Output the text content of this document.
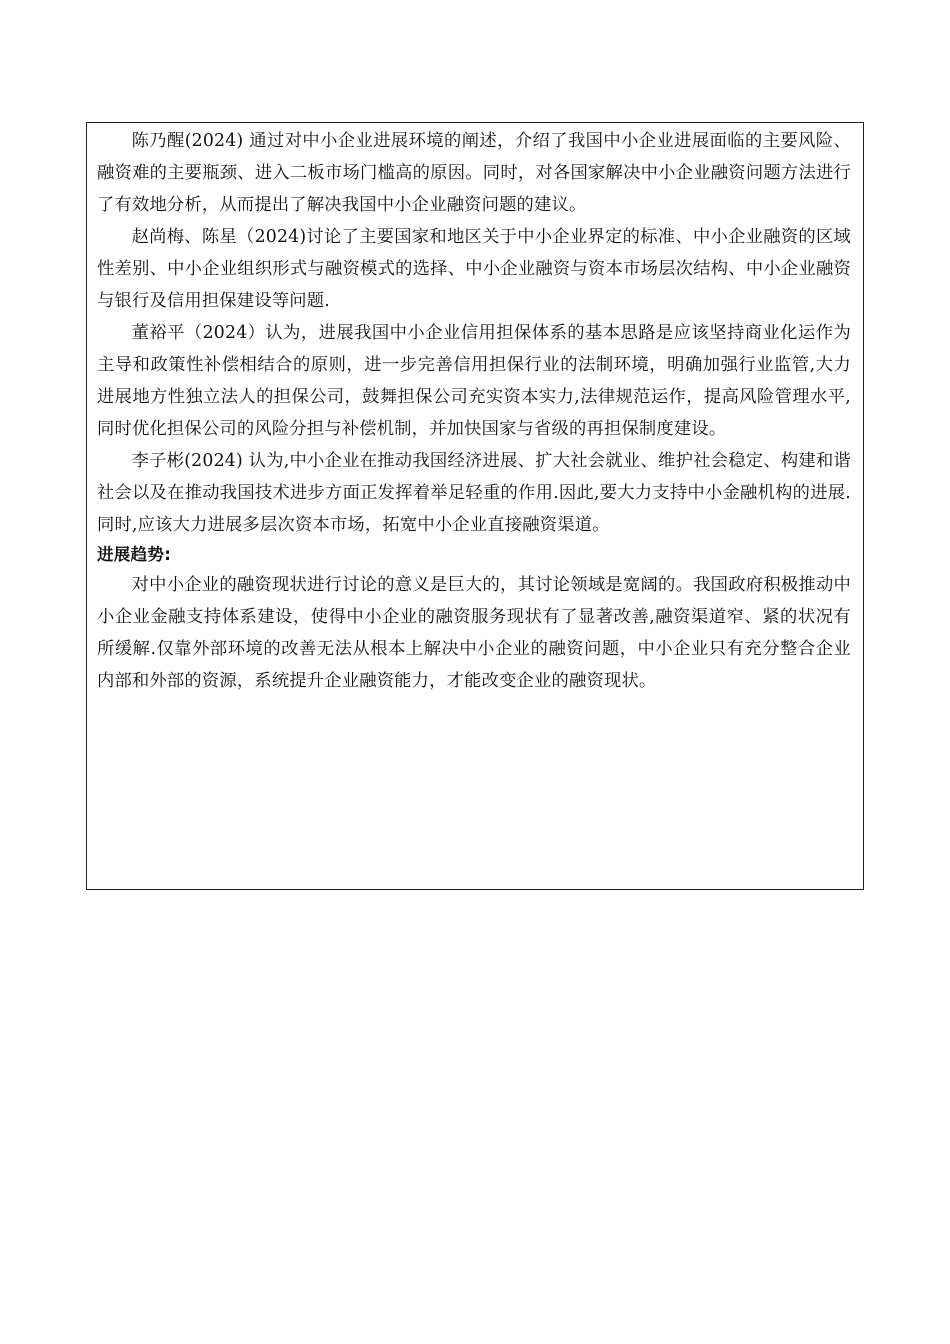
陈乃醒(2024) 通过对中小企业进展环境的阐述，介绍了我国中小企业进展面临的主要风险、融资难的主要瓶颈、进入二板市场门槛高的原因。同时，对各国家解决中小企业融资问题方法进行了有效地分析，从而提出了解决我国中小企业融资问题的建议。

赵尚梅、陈星（2024)讨论了主要国家和地区关于中小企业界定的标准、中小企业融资的区域性差别、中小企业组织形式与融资模式的选择、中小企业融资与资本市场层次结构、中小企业融资与银行及信用担保建设等问题.

董裕平（2024）认为，进展我国中小企业信用担保体系的基本思路是应该坚持商业化运作为主导和政策性补偿相结合的原则，进一步完善信用担保行业的法制环境，明确加强行业监管,大力进展地方性独立法人的担保公司，鼓舞担保公司充实资本实力,法律规范运作，提高风险管理水平,同时优化担保公司的风险分担与补偿机制，并加快国家与省级的再担保制度建设。

李子彬(2024) 认为,中小企业在推动我国经济进展、扩大社会就业、维护社会稳定、构建和谐社会以及在推动我国技术进步方面正发挥着举足轻重的作用.因此,要大力支持中小金融机构的进展.同时,应该大力进展多层次资本市场，拓宽中小企业直接融资渠道。

进展趋势:

对中小企业的融资现状进行讨论的意义是巨大的，其讨论领域是宽阔的。我国政府积极推动中小企业金融支持体系建设，使得中小企业的融资服务现状有了显著改善,融资渠道窄、紧的状况有所缓解.仅靠外部环境的改善无法从根本上解决中小企业的融资问题，中小企业只有充分整合企业内部和外部的资源，系统提升企业融资能力，才能改变企业的融资现状。
